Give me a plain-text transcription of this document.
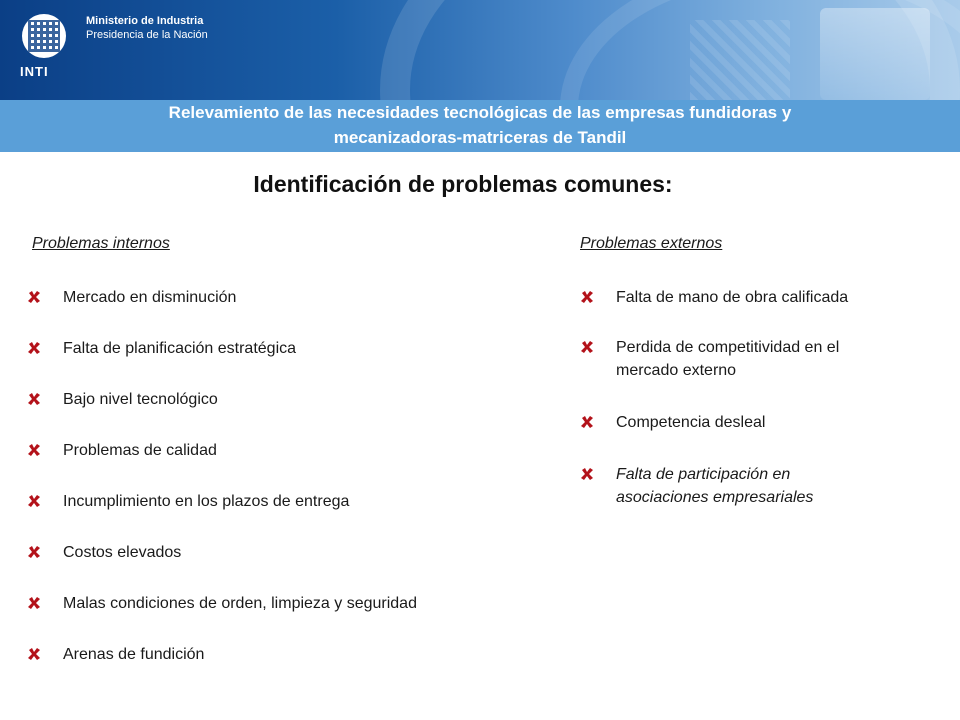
INTI
Ministerio de Industria
Presidencia de la Nación
Relevamiento de las necesidades tecnológicas de las empresas fundidoras y
mecanizadoras-matriceras de Tandil
Identificación de problemas comunes:
Problemas internos
Mercado en disminución
Falta de planificación estratégica
Bajo nivel tecnológico
Problemas de calidad
Incumplimiento en los plazos de entrega
Costos elevados
Malas condiciones de orden, limpieza y seguridad
Arenas de fundición
Problemas externos
Falta de mano de obra calificada
Perdida de competitividad en el
mercado externo
Competencia desleal
Falta de participación en
asociaciones empresariales
